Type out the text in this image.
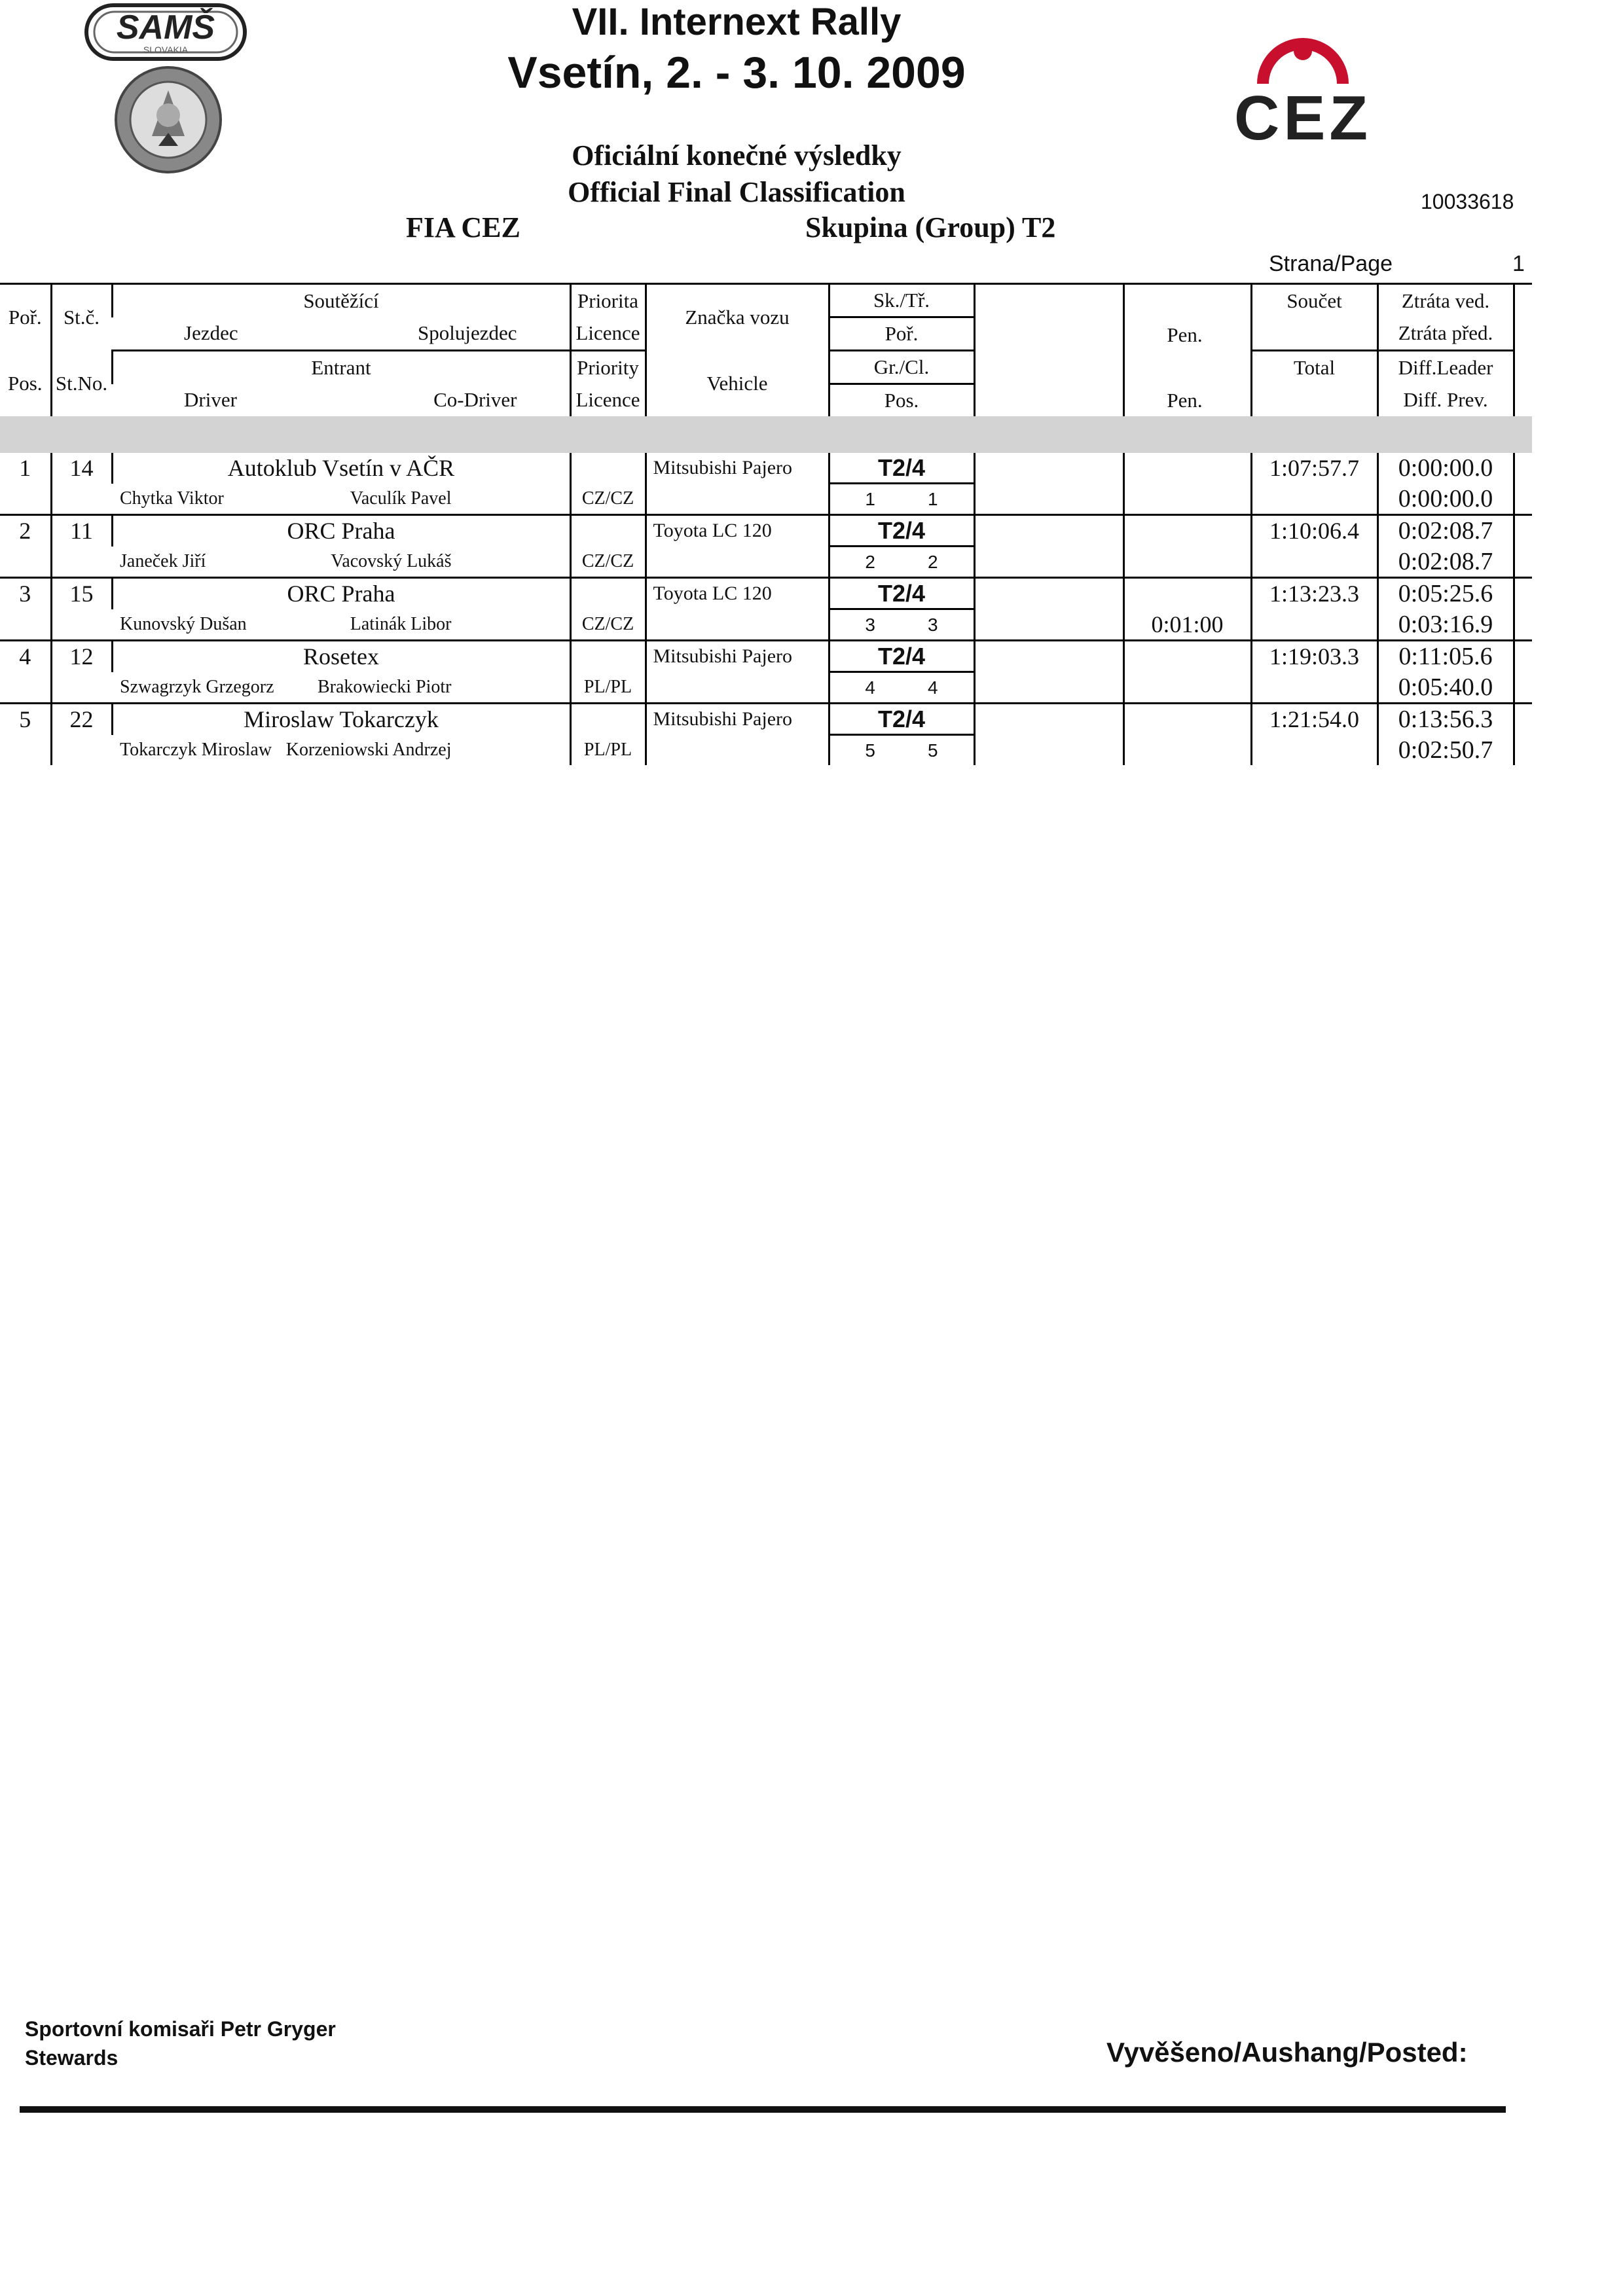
SAMŠ
SLOVAKIA
CEZ
VII. Internext Rally
Vsetín, 2. - 3. 10. 2009
Oficiální konečné výsledky
Official Final Classification
FIA CEZ	Skupina (Group) T2
10033618
Strana/Page	1
Poř.	St.č.	Soutěžící	Priorita	Značka vozu	Sk./Tř.		Pen.	Součet	Ztráta ved.	

		Jezdec Spolujezdec	Licence		Poř.				Ztráta před.	
Pos.	St.No.	Entrant	Priority	Vehicle	Gr./Cl.		Pen.	Total	Diff.Leader	

		Driver Co-Driver	Licence		Pos.				Diff. Prev.	

1	14	Autoklub Vsetín v AČR		Mitsubishi Pajero	T2/4			1:07:57.7	0:00:00.0	

		Chytka Viktor Vaculík Pavel	CZ/CZ		1 1				0:00:00.0	
2	11	ORC Praha		Toyota LC 120	T2/4			1:10:06.4	0:02:08.7	

		Janeček Jiří Vacovský Lukáš	CZ/CZ		2 2				0:02:08.7	
3	15	ORC Praha		Toyota LC 120	T2/4		0:01:00	1:13:23.3	0:05:25.6	

		Kunovský Dušan Latinák Libor	CZ/CZ		3 3				0:03:16.9	
4	12	Rosetex		Mitsubishi Pajero	T2/4			1:19:03.3	0:11:05.6	

		Szwagrzyk Grzegorz Brakowiecki Piotr	PL/PL		4 4				0:05:40.0	
5	22	Miroslaw Tokarczyk		Mitsubishi Pajero	T2/4			1:21:54.0	0:13:56.3	

		Tokarczyk Miroslaw Korzeniowski Andrzej	PL/PL		5 5				0:02:50.7	
Sportovní komisaři Petr Gryger
Stewards	Vyvěšeno/Aushang/Posted:
